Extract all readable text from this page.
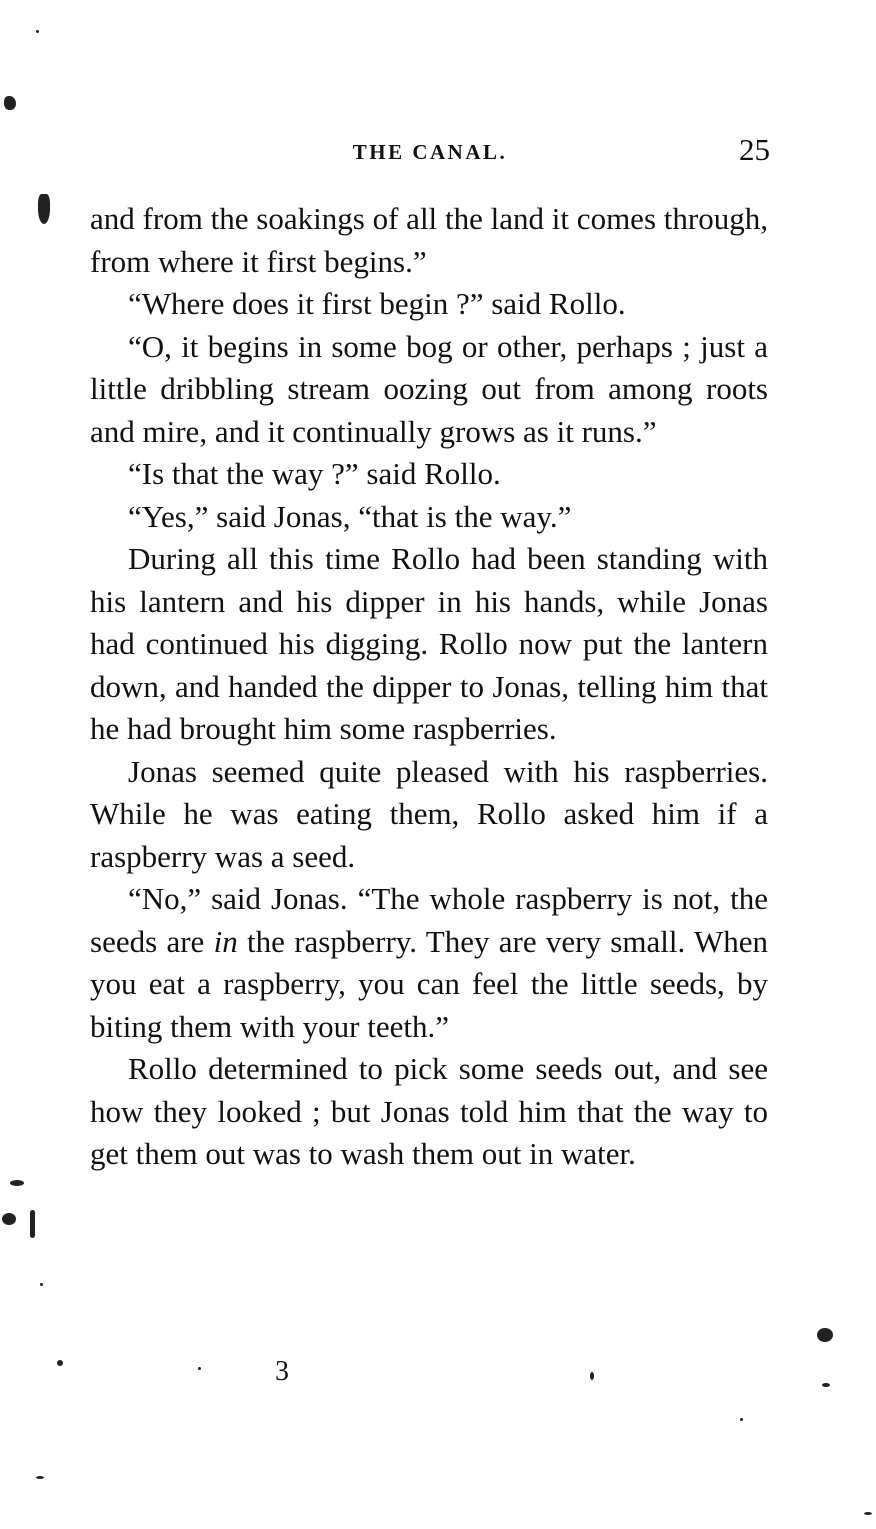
THE CANAL.	25

and from the soakings of all the land it comes through, from where it first begins.”

“Where does it first begin ?” said Rollo.

“O, it begins in some bog or other, perhaps ; just a little dribbling stream oozing out from among roots and mire, and it continually grows as it runs.”

“Is that the way ?” said Rollo.

“Yes,” said Jonas, “that is the way.”

During all this time Rollo had been standing with his lantern and his dipper in his hands, while Jonas had continued his digging. Rollo now put the lantern down, and handed the dipper to Jonas, telling him that he had brought him some raspberries.

Jonas seemed quite pleased with his raspberries. While he was eating them, Rollo asked him if a raspberry was a seed.

“No,” said Jonas. “The whole raspberry is not, the seeds are in the raspberry. They are very small. When you eat a raspberry, you can feel the little seeds, by biting them with your teeth.”

Rollo determined to pick some seeds out, and see how they looked ; but Jonas told him that the way to get them out was to wash them out in water.

3
